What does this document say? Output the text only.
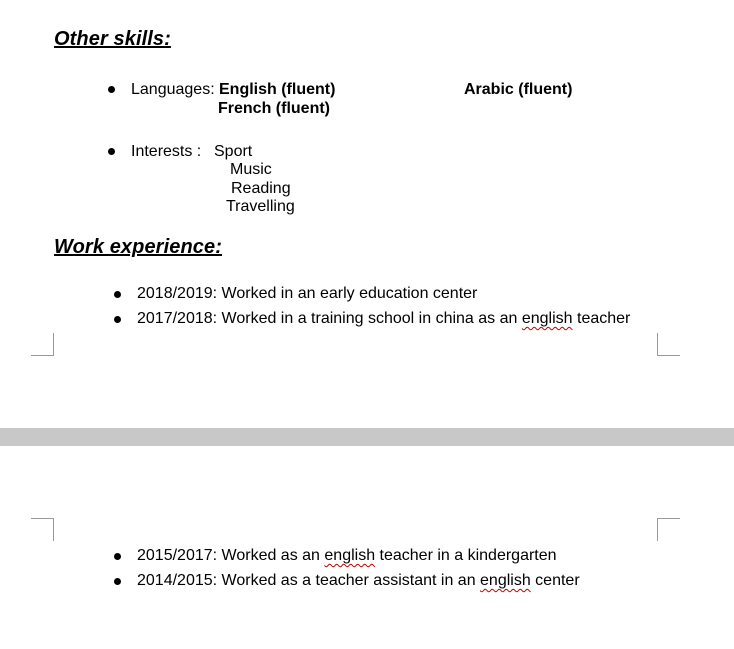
Other skills:
Languages: English (fluent)	Arabic (fluent)
French (fluent)
Interests : Sport
Music
Reading
Travelling
Work experience:
2018/2019: Worked in an early education center
2017/2018: Worked in a training school in china as an english teacher
2015/2017: Worked as an english teacher in a kindergarten
2014/2015: Worked as a teacher assistant in an english center
